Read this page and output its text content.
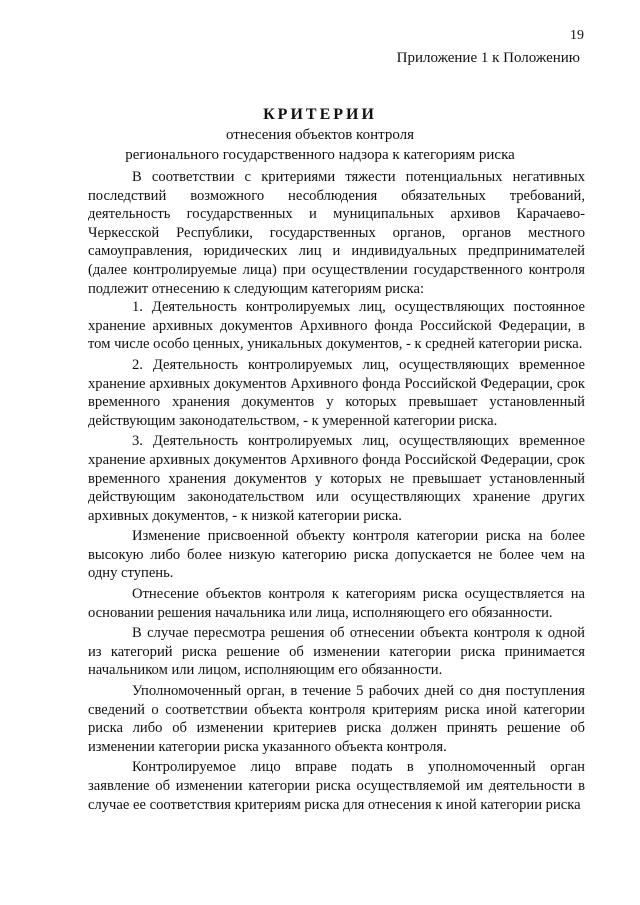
19
Приложение 1 к Положению
КРИТЕРИИ
отнесения объектов контроля
регионального государственного надзора к категориям риска

В соответствии с критериями тяжести потенциальных негативных последствий возможного несоблюдения обязательных требований, деятельность государственных и муниципальных архивов Карачаево-Черкесской Республики, государственных органов, органов местного самоуправления, юридических лиц и индивидуальных предпринимателей (далее контролируемые лица) при осуществлении государственного контроля подлежит отнесению к следующим категориям риска:

1. Деятельность контролируемых лиц, осуществляющих постоянное хранение архивных документов Архивного фонда Российской Федерации, в том числе особо ценных, уникальных документов, - к средней категории риска.

2. Деятельность контролируемых лиц, осуществляющих временное хранение архивных документов Архивного фонда Российской Федерации, срок временного хранения документов у которых превышает установленный действующим законодательством, - к умеренной категории риска.

3. Деятельность контролируемых лиц, осуществляющих временное хранение архивных документов Архивного фонда Российской Федерации, срок временного хранения документов у которых не превышает установленный действующим законодательством или осуществляющих хранение других архивных документов, - к низкой категории риска.

Изменение присвоенной объекту контроля категории риска на более высокую либо более низкую категорию риска допускается не более чем на одну ступень.

Отнесение объектов контроля к категориям риска осуществляется на основании решения начальника или лица, исполняющего его обязанности.

В случае пересмотра решения об отнесении объекта контроля к одной из категорий риска решение об изменении категории риска принимается начальником или лицом, исполняющим его обязанности.

Уполномоченный орган, в течение 5 рабочих дней со дня поступления сведений о соответствии объекта контроля критериям риска иной категории риска либо об изменении критериев риска должен принять решение об изменении категории риска указанного объекта контроля.

Контролируемое лицо вправе подать в уполномоченный орган заявление об изменении категории риска осуществляемой им деятельности в случае ее соответствия критериям риска для отнесения к иной категории риска
